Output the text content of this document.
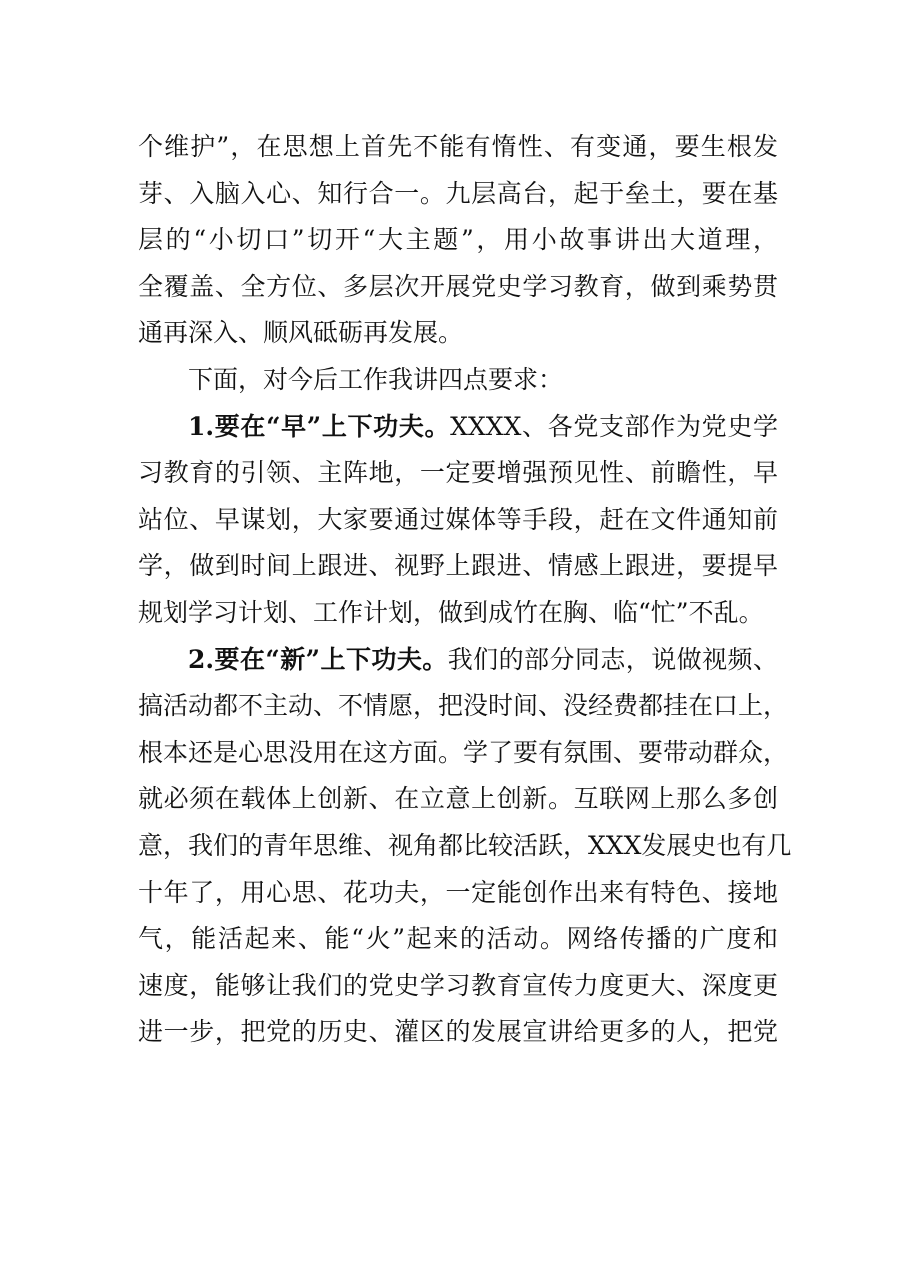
个维护”，在思想上首先不能有惰性、有变通，要生根发
芽、入脑入心、知行合一。九层高台，起于垒土，要在基
层的“小切口”切开“大主题”，用小故事讲出大道理，
全覆盖、全方位、多层次开展党史学习教育，做到乘势贯
通再深入、顺风砥砺再发展。
下面，对今后工作我讲四点要求：
1.要在“早”上下功夫。XXXX、各党支部作为党史学
习教育的引领、主阵地，一定要增强预见性、前瞻性，早
站位、早谋划，大家要通过媒体等手段，赶在文件通知前
学，做到时间上跟进、视野上跟进、情感上跟进，要提早
规划学习计划、工作计划，做到成竹在胸、临“忙”不乱。
2.要在“新”上下功夫。我们的部分同志，说做视频、
搞活动都不主动、不情愿，把没时间、没经费都挂在口上，
根本还是心思没用在这方面。学了要有氛围、要带动群众，
就必须在载体上创新、在立意上创新。互联网上那么多创
意，我们的青年思维、视角都比较活跃，XXX发展史也有几
十年了，用心思、花功夫，一定能创作出来有特色、接地
气，能活起来、能“火”起来的活动。网络传播的广度和
速度，能够让我们的党史学习教育宣传力度更大、深度更
进一步，把党的历史、灌区的发展宣讲给更多的人，把党
